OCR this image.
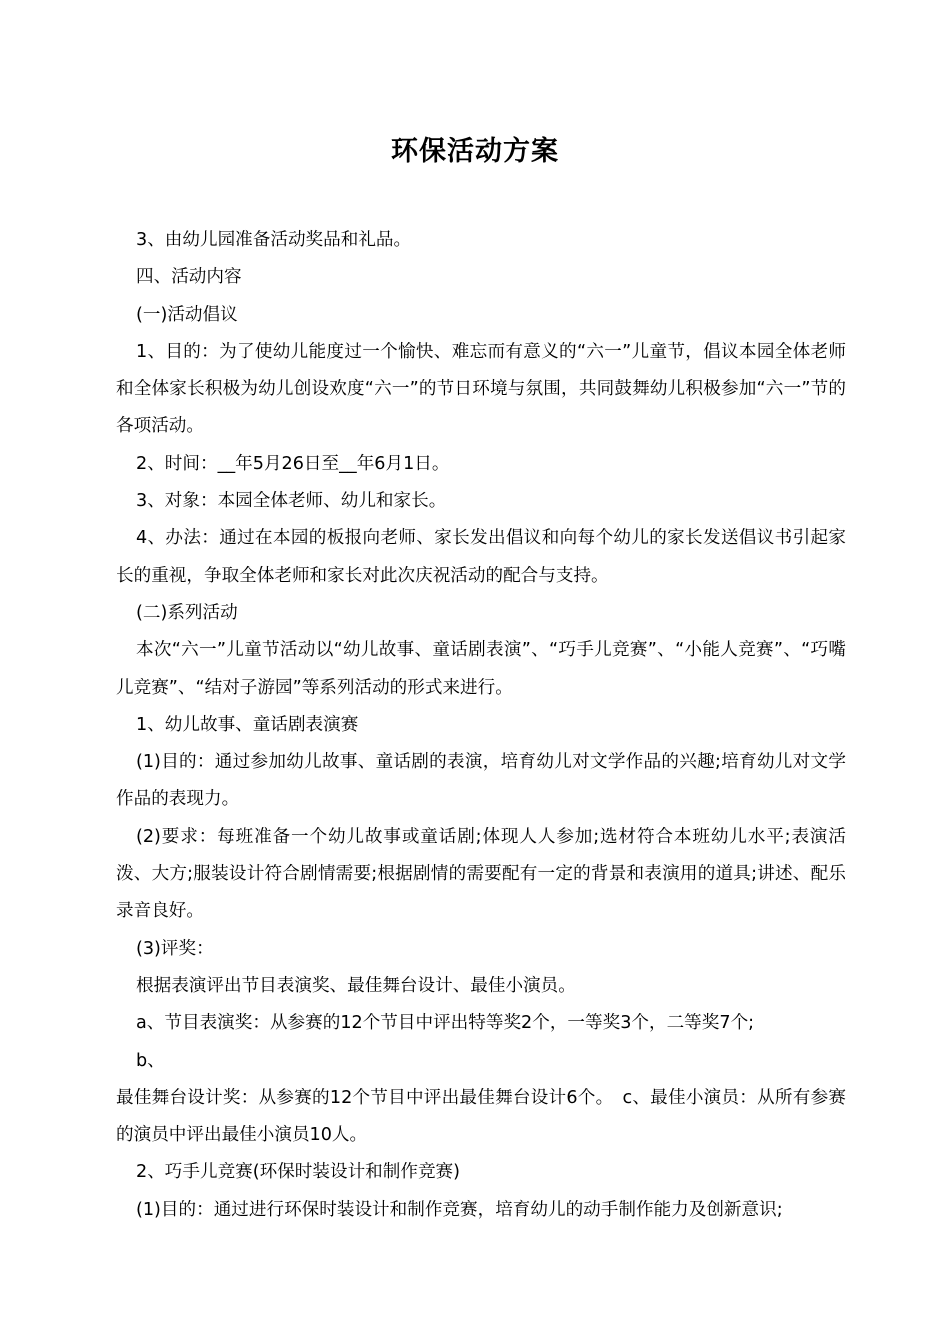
环保活动方案

3、由幼儿园准备活动奖品和礼品。

四、活动内容

(一)活动倡议

1、目的：为了使幼儿能度过一个愉快、难忘而有意义的“六一”儿童节，倡议本园全体老师和全体家长积极为幼儿创设欢度“六一”的节日环境与氛围，共同鼓舞幼儿积极参加“六一”节的各项活动。

2、时间：__年5月26日至__年6月1日。

3、对象：本园全体老师、幼儿和家长。

4、办法：通过在本园的板报向老师、家长发出倡议和向每个幼儿的家长发送倡议书引起家长的重视，争取全体老师和家长对此次庆祝活动的配合与支持。

(二)系列活动

本次“六一”儿童节活动以“幼儿故事、童话剧表演”、“巧手儿竞赛”、“小能人竞赛”、“巧嘴儿竞赛”、“结对子游园”等系列活动的形式来进行。

1、幼儿故事、童话剧表演赛

(1)目的：通过参加幼儿故事、童话剧的表演，培育幼儿对文学作品的兴趣;培育幼儿对文学作品的表现力。

(2)要求：每班准备一个幼儿故事或童话剧;体现人人参加;选材符合本班幼儿水平;表演活泼、大方;服装设计符合剧情需要;根据剧情的需要配有一定的背景和表演用的道具;讲述、配乐录音良好。

(3)评奖：

根据表演评出节目表演奖、最佳舞台设计、最佳小演员。

a、节目表演奖：从参赛的12个节目中评出特等奖2个，一等奖3个，二等奖7个;

b、

最佳舞台设计奖：从参赛的12个节目中评出最佳舞台设计6个。　c、最佳小演员：从所有参赛的演员中评出最佳小演员10人。

2、巧手儿竞赛(环保时装设计和制作竞赛)

(1)目的：通过进行环保时装设计和制作竞赛，培育幼儿的动手制作能力及创新意识;
